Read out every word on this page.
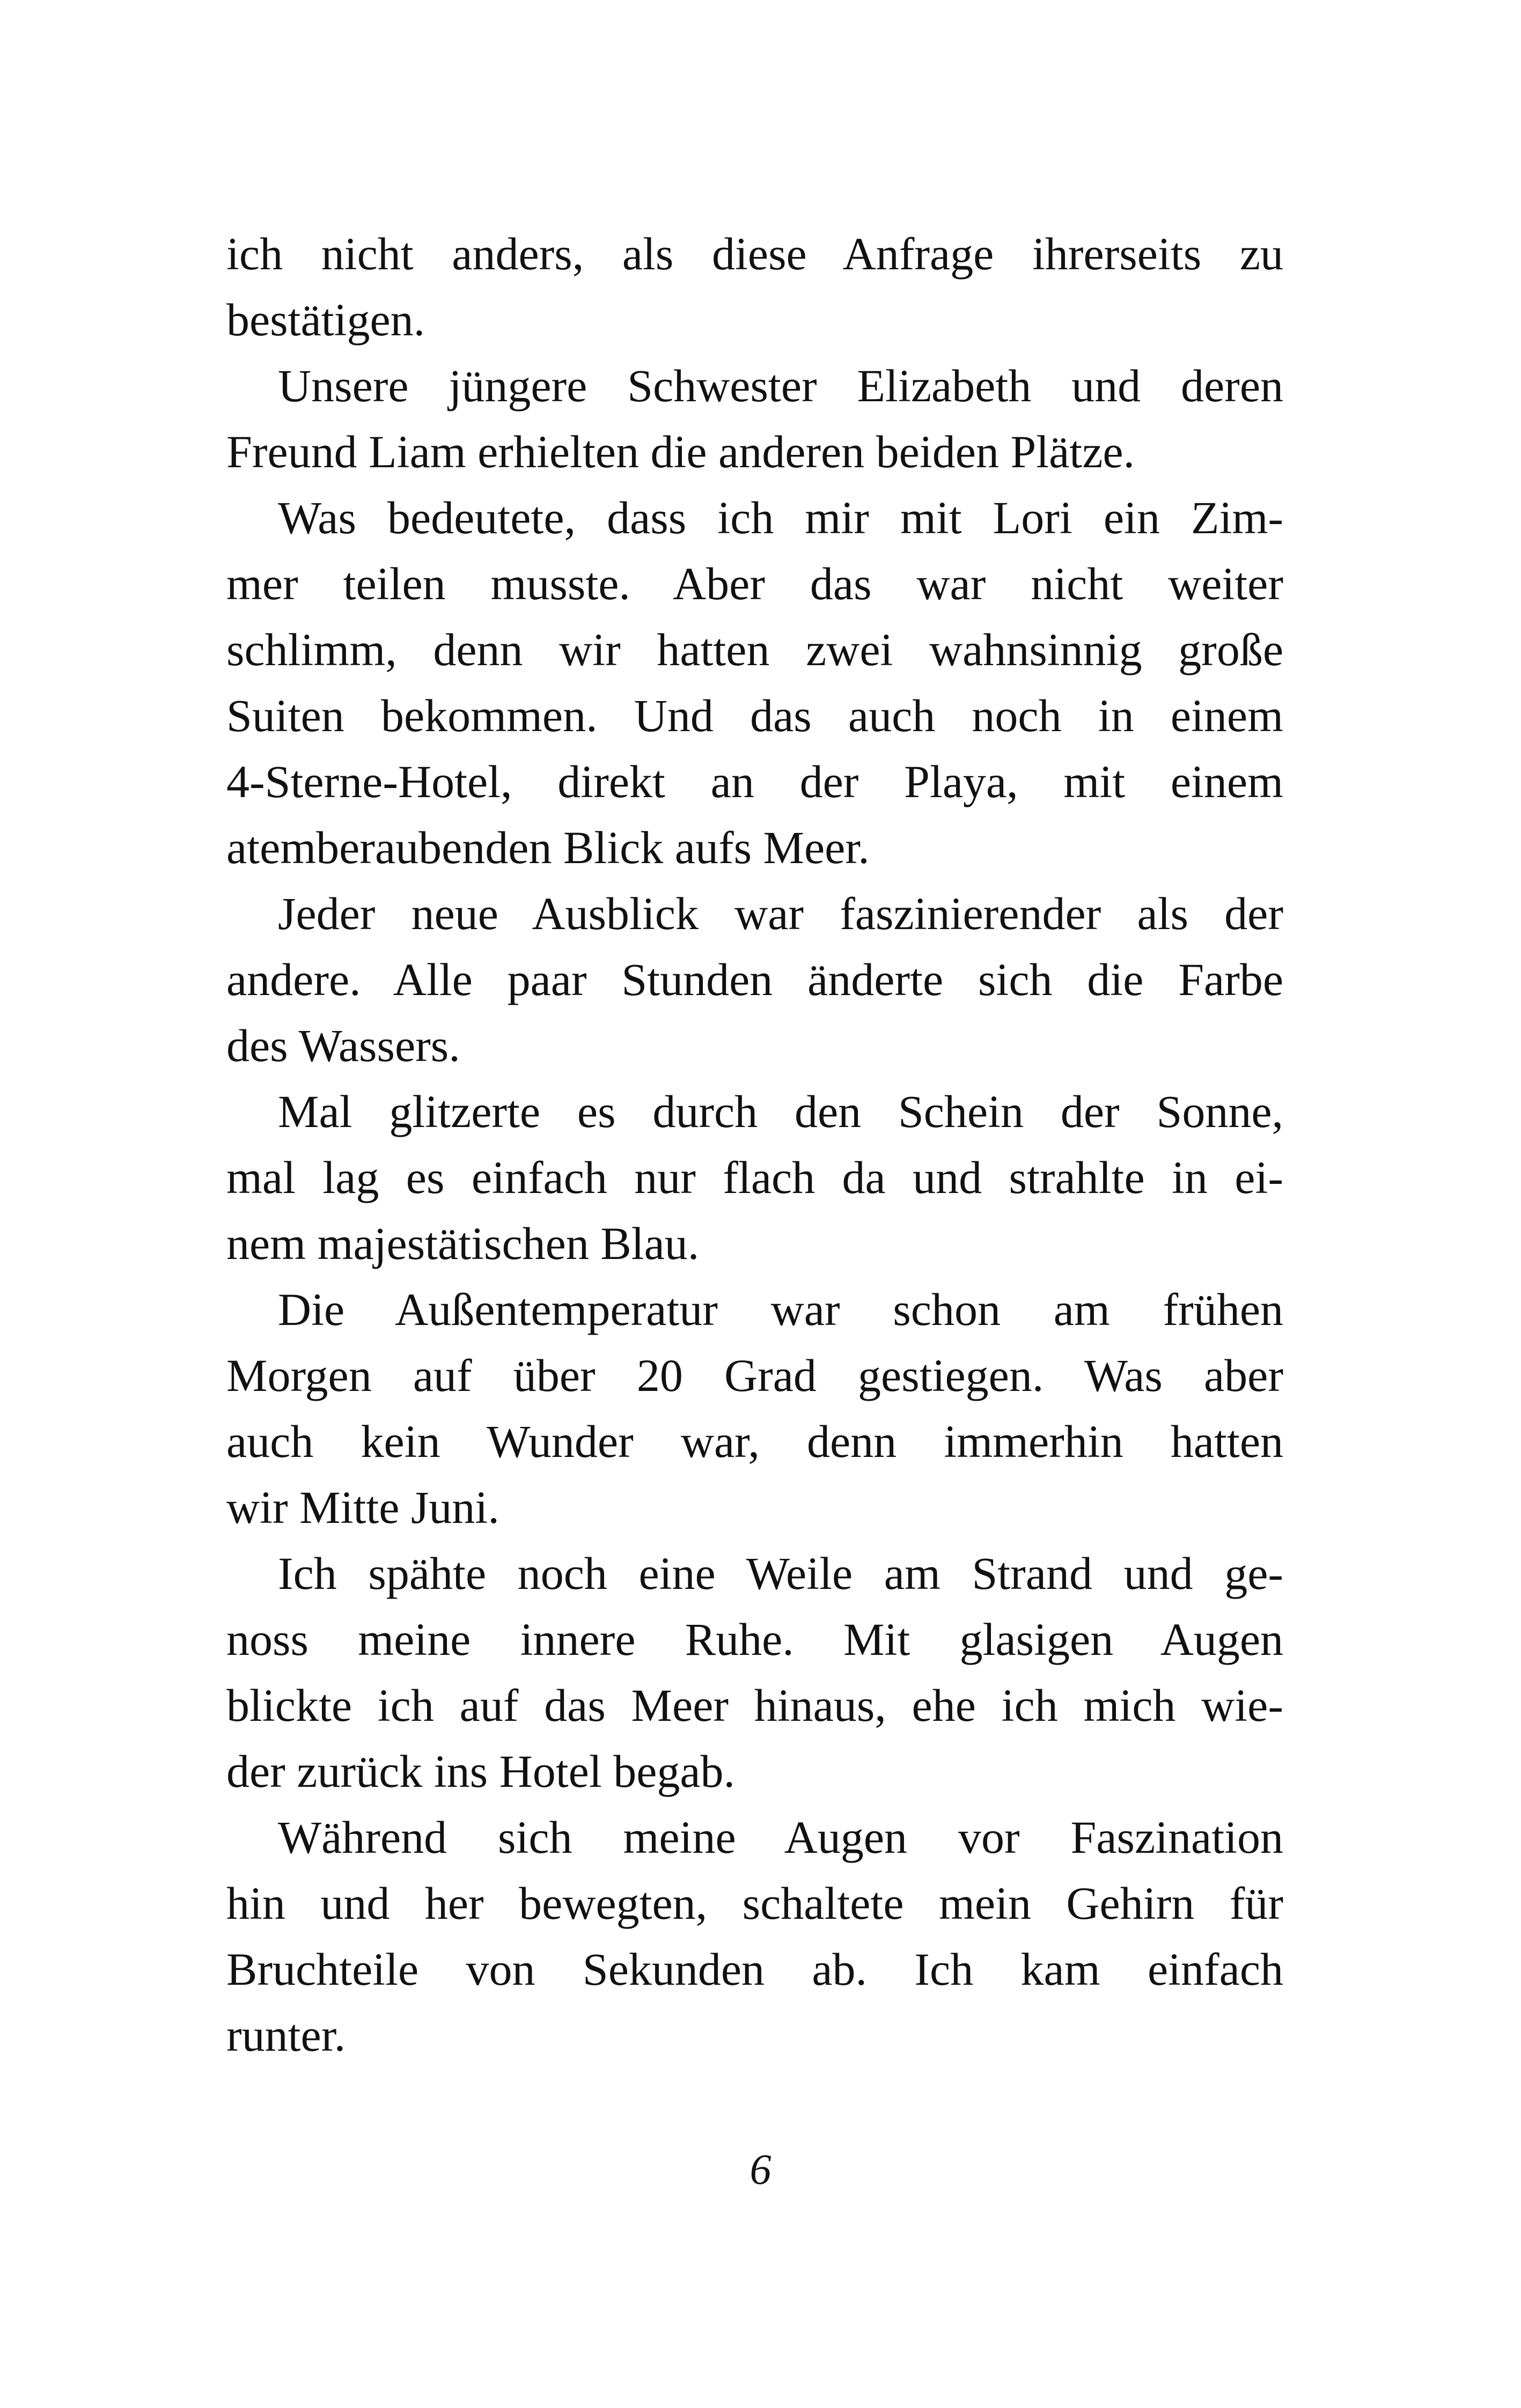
ich nicht anders, als diese Anfrage ihrerseits zu
bestätigen.
Unsere jüngere Schwester Elizabeth und deren
Freund Liam erhielten die anderen beiden Plätze.
Was bedeutete, dass ich mir mit Lori ein Zim-
mer teilen musste. Aber das war nicht weiter
schlimm, denn wir hatten zwei wahnsinnig große
Suiten bekommen. Und das auch noch in einem
4-Sterne-Hotel, direkt an der Playa, mit einem
atemberaubenden Blick aufs Meer.
Jeder neue Ausblick war faszinierender als der
andere. Alle paar Stunden änderte sich die Farbe
des Wassers.
Mal glitzerte es durch den Schein der Sonne,
mal lag es einfach nur flach da und strahlte in ei-
nem majestätischen Blau.
Die Außentemperatur war schon am frühen
Morgen auf über 20 Grad gestiegen. Was aber
auch kein Wunder war, denn immerhin hatten
wir Mitte Juni.
Ich spähte noch eine Weile am Strand und ge-
noss meine innere Ruhe. Mit glasigen Augen
blickte ich auf das Meer hinaus, ehe ich mich wie-
der zurück ins Hotel begab.
Während sich meine Augen vor Faszination
hin und her bewegten, schaltete mein Gehirn für
Bruchteile von Sekunden ab. Ich kam einfach
runter.
6
